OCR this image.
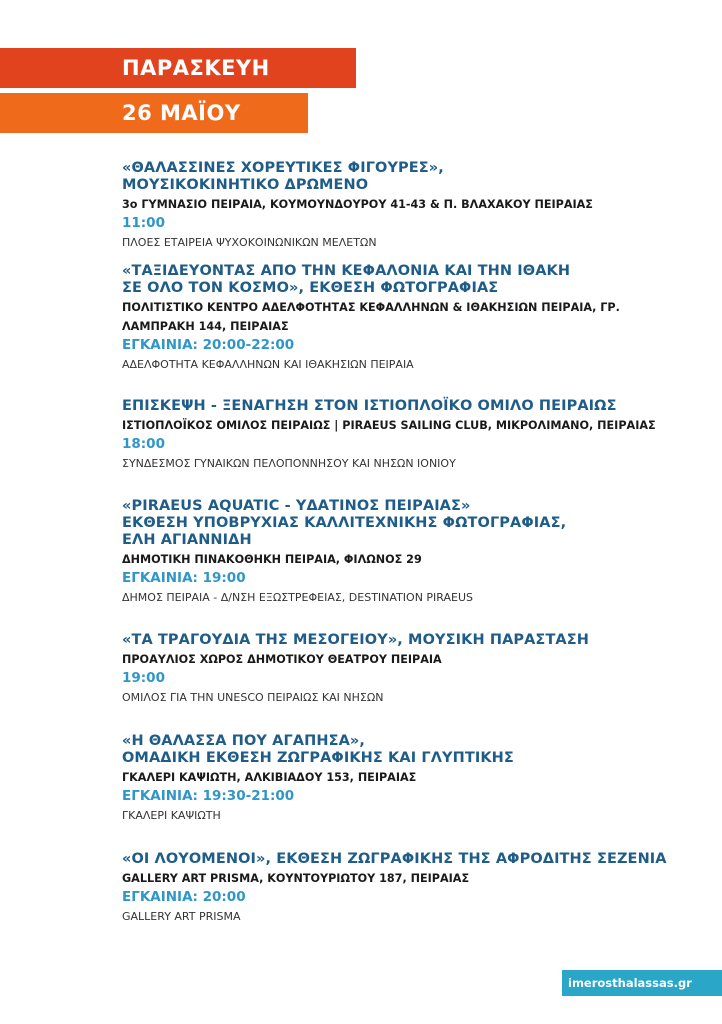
ΠΑΡΑΣΚΕΥΗ
26 ΜΑΪΟΥ
«ΘΑΛΑΣΣΙΝΕΣ ΧΟΡΕΥΤΙΚΕΣ ΦΙΓΟΥΡΕΣ»,
ΜΟΥΣΙΚΟΚΙΝΗΤΙΚΟ ΔΡΩΜΕΝΟ
3ο ΓΥΜΝΑΣΙΟ ΠΕΙΡΑΙΑ, ΚΟΥΜΟΥΝΔΟΥΡΟΥ 41-43 & Π. ΒΛΑΧΑΚΟΥ ΠΕΙΡΑΙΑΣ
11:00
ΠΛΟΕΣ ΕΤΑΙΡΕΙΑ ΨΥΧΟΚΟΙΝΩΝΙΚΩΝ ΜΕΛΕΤΩΝ
«ΤΑΞΙΔΕΥΟΝΤΑΣ ΑΠΟ ΤΗΝ ΚΕΦΑΛΟΝΙΑ ΚΑΙ ΤΗΝ ΙΘΑΚΗ
ΣΕ ΟΛΟ ΤΟΝ ΚΟΣΜΟ», ΕΚΘΕΣΗ ΦΩΤΟΓΡΑΦΙΑΣ
ΠΟΛΙΤΙΣΤΙΚΟ ΚΕΝΤΡΟ ΑΔΕΛΦΟΤΗΤΑΣ ΚΕΦΑΛΛΗΝΩΝ & ΙΘΑΚΗΣΙΩΝ ΠΕΙΡΑΙΑ, ΓΡ.
ΛΑΜΠΡΑΚΗ 144, ΠΕΙΡΑΙΑΣ
ΕΓΚΑΙΝΙΑ: 20:00-22:00
ΑΔΕΛΦΟΤΗΤΑ ΚΕΦΑΛΛΗΝΩΝ ΚΑΙ ΙΘΑΚΗΣΙΩΝ ΠΕΙΡΑΙΑ
ΕΠΙΣΚΕΨΗ - ΞΕΝΑΓΗΣΗ ΣΤΟΝ ΙΣΤΙΟΠΛΟΪΚΟ ΟΜΙΛΟ ΠΕΙΡΑΙΩΣ
ΙΣΤΙΟΠΛΟΪΚΟΣ ΟΜΙΛΟΣ ΠΕΙΡΑΙΩΣ | PIRAEUS SAILING CLUB, ΜΙΚΡΟΛΙΜΑΝΟ, ΠΕΙΡΑΙΑΣ
18:00
ΣΥΝΔΕΣΜΟΣ ΓΥΝΑΙΚΩΝ ΠΕΛΟΠΟΝΝΗΣΟΥ ΚΑΙ ΝΗΣΩΝ ΙΟΝΙΟΥ
«PIRAEUS AQUATIC - ΥΔΑΤΙΝΟΣ ΠΕΙΡΑΙΑΣ»
ΕΚΘΕΣΗ ΥΠΟΒΡΥΧΙΑΣ ΚΑΛΛΙΤΕΧΝΙΚΗΣ ΦΩΤΟΓΡΑΦΙΑΣ,
ΕΛΗ ΑΓΙΑΝΝΙΔΗ
ΔΗΜΟΤΙΚΗ ΠΙΝΑΚΟΘΗΚΗ ΠΕΙΡΑΙΑ, ΦΙΛΩΝΟΣ 29
ΕΓΚΑΙΝΙΑ: 19:00
ΔΗΜΟΣ ΠΕΙΡΑΙΑ - Δ/ΝΣΗ ΕΞΩΣΤΡΕΦΕΙΑΣ, DESTINATION PIRAEUS
«ΤΑ ΤΡΑΓΟΥΔΙΑ ΤΗΣ ΜΕΣΟΓΕΙΟΥ», ΜΟΥΣΙΚΗ ΠΑΡΑΣΤΑΣΗ
ΠΡΟΑΥΛΙΟΣ ΧΩΡΟΣ ΔΗΜΟΤΙΚΟΥ ΘΕΑΤΡΟΥ ΠΕΙΡΑΙΑ
19:00
ΟΜΙΛΟΣ ΓΙΑ ΤΗΝ UNESCO ΠΕΙΡΑΙΩΣ ΚΑΙ ΝΗΣΩΝ
«Η ΘΑΛΑΣΣΑ ΠΟΥ ΑΓΑΠΗΣΑ»,
ΟΜΑΔΙΚΗ ΕΚΘΕΣΗ ΖΩΓΡΑΦΙΚΗΣ ΚΑΙ ΓΛΥΠΤΙΚΗΣ
ΓΚΑΛΕΡΙ ΚΑΨΙΩΤΗ, ΑΛΚΙΒΙΑΔΟΥ 153, ΠΕΙΡΑΙΑΣ
ΕΓΚΑΙΝΙΑ: 19:30-21:00
ΓΚΑΛΕΡΙ ΚΑΨΙΩΤΗ
«ΟΙ ΛΟΥΟΜΕΝΟΙ», ΕΚΘΕΣΗ ΖΩΓΡΑΦΙΚΗΣ ΤΗΣ ΑΦΡΟΔΙΤΗΣ ΣΕΖΕΝΙΑ
GALLERY ART PRISMA, ΚΟΥΝΤΟΥΡΙΩΤΟΥ 187, ΠΕΙΡΑΙΑΣ
ΕΓΚΑΙΝΙΑ: 20:00
GALLERY ART PRISMA
imerosthalassas.gr
